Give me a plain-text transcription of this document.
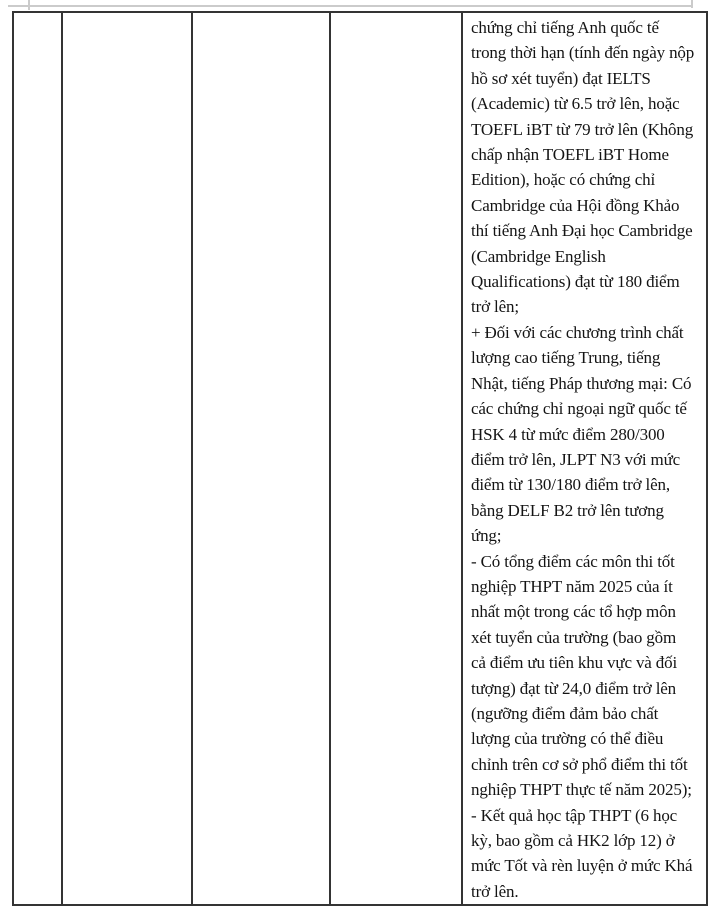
chứng chỉ tiếng Anh quốc tế
trong thời hạn (tính đến ngày nộp
hồ sơ xét tuyển) đạt IELTS
(Academic) từ 6.5 trở lên, hoặc
TOEFL iBT từ 79 trở lên (Không
chấp nhận TOEFL iBT Home
Edition), hoặc có chứng chỉ
Cambridge của Hội đồng Khảo
thí tiếng Anh Đại học Cambridge
(Cambridge English
Qualifications) đạt từ 180 điểm
trở lên;
+ Đối với các chương trình chất
lượng cao tiếng Trung, tiếng
Nhật, tiếng Pháp thương mại: Có
các chứng chỉ ngoại ngữ quốc tế
HSK 4 từ mức điểm 280/300
điểm trở lên, JLPT N3 với mức
điểm từ 130/180 điểm trở lên,
bằng DELF B2 trở lên tương
ứng;
- Có tổng điểm các môn thi tốt
nghiệp THPT năm 2025 của ít
nhất một trong các tổ hợp môn
xét tuyển của trường (bao gồm
cả điểm ưu tiên khu vực và đối
tượng) đạt từ 24,0 điểm trở lên
(ngưỡng điểm đảm bảo chất
lượng của trường có thể điều
chỉnh trên cơ sở phổ điểm thi tốt
nghiệp THPT thực tế năm 2025);
- Kết quả học tập THPT (6 học
kỳ, bao gồm cả HK2 lớp 12) ở
mức Tốt và rèn luyện ở mức Khá
trở lên.
